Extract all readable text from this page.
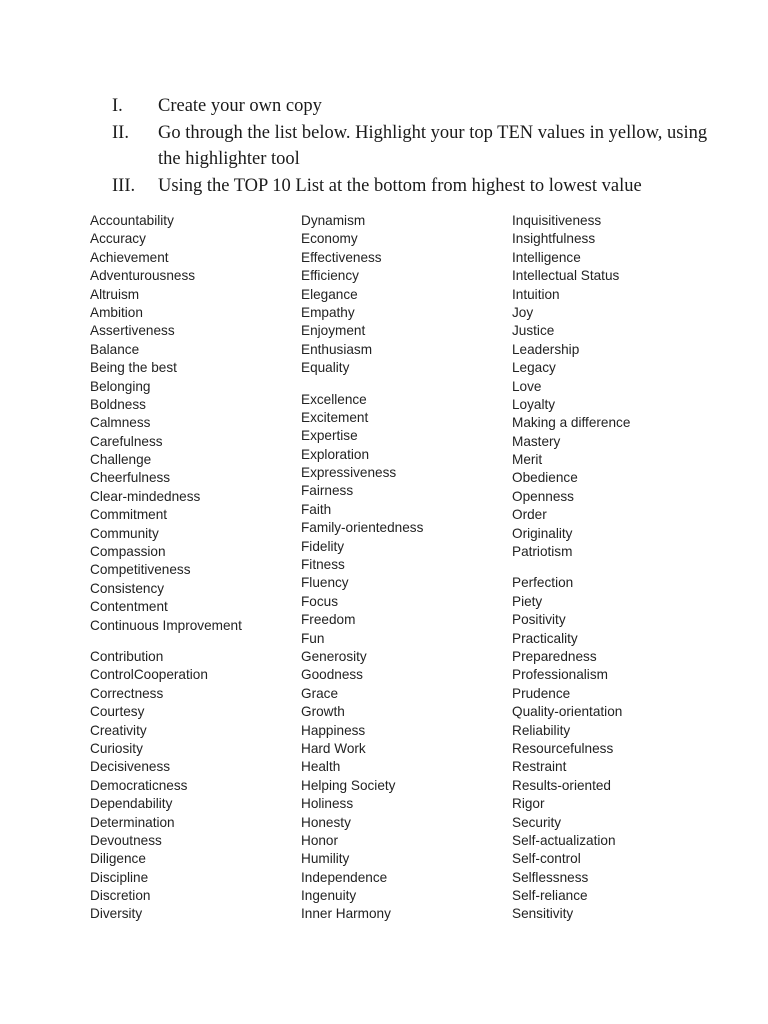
I.	Create your own copy
II.	Go through the list below. Highlight your top TEN values in yellow, using the highlighter tool
III.	Using the TOP 10 List at the bottom from highest to lowest value
Accountability
Accuracy
Achievement
Adventurousness
Altruism
Ambition
Assertiveness
Balance
Being the best
Belonging
Boldness
Calmness
Carefulness
Challenge
Cheerfulness
Clear-mindedness
Commitment
Community
Compassion
Competitiveness
Consistency
Contentment
Continuous Improvement
Contribution
ControlCooperation
Correctness
Courtesy
Creativity
Curiosity
Decisiveness
Democraticness
Dependability
Determination
Devoutness
Diligence
Discipline
Discretion
Diversity
Dynamism
Economy
Effectiveness
Efficiency
Elegance
Empathy
Enjoyment
Enthusiasm
Equality
Excellence
Excitement
Expertise
Exploration
Expressiveness
Fairness
Faith
Family-orientedness
Fidelity
Fitness
Fluency
Focus
Freedom
Fun
Generosity
Goodness
Grace
Growth
Happiness
Hard Work
Health
Helping Society
Holiness
Honesty
Honor
Humility
Independence
Ingenuity
Inner Harmony
Inquisitiveness
Insightfulness
Intelligence
Intellectual Status
Intuition
Joy
Justice
Leadership
Legacy
Love
Loyalty
Making a difference
Mastery
Merit
Obedience
Openness
Order
Originality
Patriotism
Perfection
Piety
Positivity
Practicality
Preparedness
Professionalism
Prudence
Quality-orientation
Reliability
Resourcefulness
Restraint
Results-oriented
Rigor
Security
Self-actualization
Self-control
Selflessness
Self-reliance
Sensitivity
